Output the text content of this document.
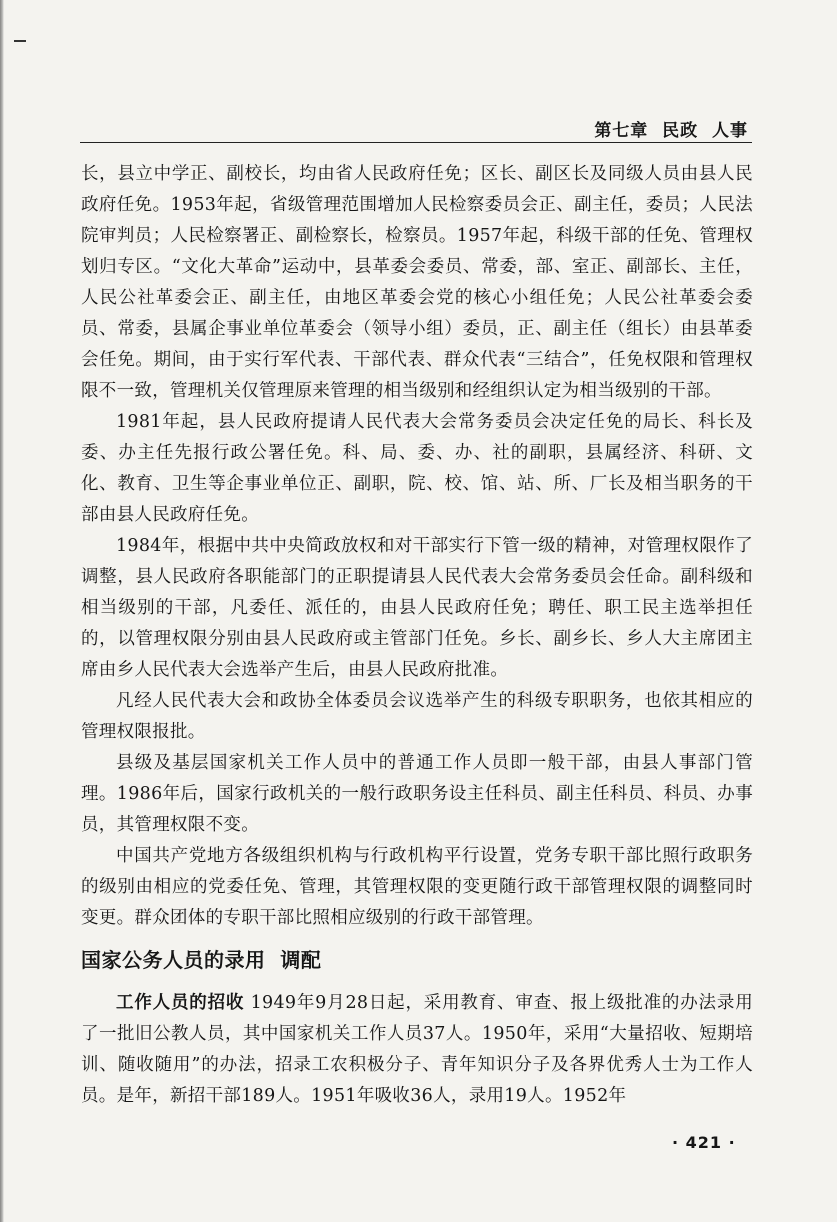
第七章  民政  人事

长，县立中学正、副校长，均由省人民政府任免；区长、副区长及同级人员由县人民政府任免。1953年起，省级管理范围增加人民检察委员会正、副主任，委员；人民法院审判员；人民检察署正、副检察长，检察员。1957年起，科级干部的任免、管理权划归专区。“文化大革命”运动中，县革委会委员、常委，部、室正、副部长、主任，人民公社革委会正、副主任，由地区革委会党的核心小组任免；人民公社革委会委员、常委，县属企事业单位革委会（领导小组）委员，正、副主任（组长）由县革委会任免。期间，由于实行军代表、干部代表、群众代表“三结合”，任免权限和管理权限不一致，管理机关仅管理原来管理的相当级别和经组织认定为相当级别的干部。

1981年起，县人民政府提请人民代表大会常务委员会决定任免的局长、科长及委、办主任先报行政公署任免。科、局、委、办、社的副职，县属经济、科研、文化、教育、卫生等企事业单位正、副职，院、校、馆、站、所、厂长及相当职务的干部由县人民政府任免。

1984年，根据中共中央简政放权和对干部实行下管一级的精神，对管理权限作了调整，县人民政府各职能部门的正职提请县人民代表大会常务委员会任命。副科级和相当级别的干部，凡委任、派任的，由县人民政府任免；聘任、职工民主选举担任的，以管理权限分别由县人民政府或主管部门任免。乡长、副乡长、乡人大主席团主席由乡人民代表大会选举产生后，由县人民政府批准。

凡经人民代表大会和政协全体委员会议选举产生的科级专职职务，也依其相应的管理权限报批。

县级及基层国家机关工作人员中的普通工作人员即一般干部，由县人事部门管理。1986年后，国家行政机关的一般行政职务设主任科员、副主任科员、科员、办事员，其管理权限不变。

中国共产党地方各级组织机构与行政机构平行设置，党务专职干部比照行政职务的级别由相应的党委任免、管理，其管理权限的变更随行政干部管理权限的调整同时变更。群众团体的专职干部比照相应级别的行政干部管理。

国家公务人员的录用  调配

工作人员的招收 1949年9月28日起，采用教育、审查、报上级批准的办法录用了一批旧公教人员，其中国家机关工作人员37人。1950年，采用“大量招收、短期培训、随收随用”的办法，招录工农积极分子、青年知识分子及各界优秀人士为工作人员。是年，新招干部189人。1951年吸收36人，录用19人。1952年

· 421 ·
